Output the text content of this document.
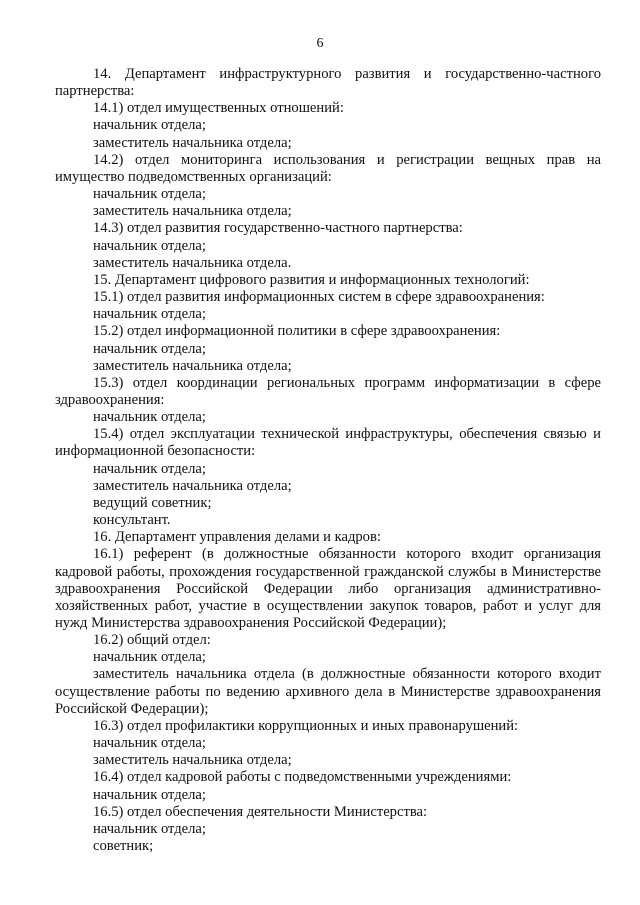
6

14. Департамент инфраструктурного развития и государственно-частного партнерства:

14.1) отдел имущественных отношений:

начальник отдела;

заместитель начальника отдела;

14.2) отдел мониторинга использования и регистрации вещных прав на имущество подведомственных организаций:

начальник отдела;

заместитель начальника отдела;

14.3) отдел развития государственно-частного партнерства:

начальник отдела;

заместитель начальника отдела.

15. Департамент цифрового развития и информационных технологий:

15.1) отдел развития информационных систем в сфере здравоохранения:

начальник отдела;

15.2) отдел информационной политики в сфере здравоохранения:

начальник отдела;

заместитель начальника отдела;

15.3) отдел координации региональных программ информатизации в сфере здравоохранения:

начальник отдела;

15.4) отдел эксплуатации технической инфраструктуры, обеспечения связью и информационной безопасности:

начальник отдела;

заместитель начальника отдела;

ведущий советник;

консультант.

16. Департамент управления делами и кадров:

16.1) референт (в должностные обязанности которого входит организация кадровой работы, прохождения государственной гражданской службы в Министерстве здравоохранения Российской Федерации либо организация административно-хозяйственных работ, участие в осуществлении закупок товаров, работ и услуг для нужд Министерства здравоохранения Российской Федерации);

16.2) общий отдел:

начальник отдела;

заместитель начальника отдела (в должностные обязанности которого входит осуществление работы по ведению архивного дела в Министерстве здравоохранения Российской Федерации);

16.3) отдел профилактики коррупционных и иных правонарушений:

начальник отдела;

заместитель начальника отдела;

16.4) отдел кадровой работы с подведомственными учреждениями:

начальник отдела;

16.5) отдел обеспечения деятельности Министерства:

начальник отдела;

советник;
